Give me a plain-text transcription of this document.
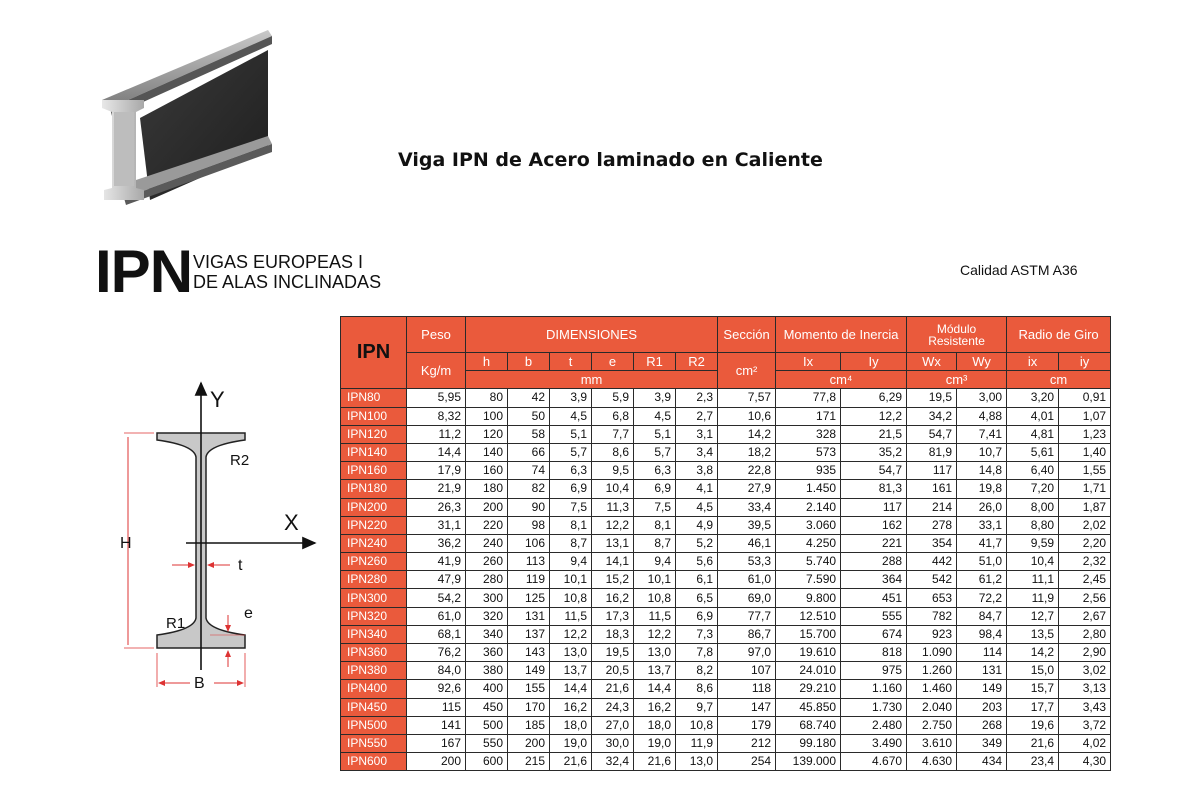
Viga IPN de Acero laminado en Caliente
IPN VIGAS EUROPEAS I
DE ALAS INCLINADAS
Calidad ASTM A36
Y
X
R2
R1
H
t
e
B
IPN	Peso	DIMENSIONES						Sección	Momento de Inercia		Módulo Resistente		Radio de Giro	
	Kg/m	h	b	t	e	R1	R2	cm²	Ix	Iy	Wx	Wy	ix	iy
		mm							cm⁴		cm³		cm	
IPN80	5,95	80	42	3,9	5,9	3,9	2,3	7,57	77,8	6,29	19,5	3,00	3,20	0,91
IPN100	8,32	100	50	4,5	6,8	4,5	2,7	10,6	171	12,2	34,2	4,88	4,01	1,07
IPN120	11,2	120	58	5,1	7,7	5,1	3,1	14,2	328	21,5	54,7	7,41	4,81	1,23
IPN140	14,4	140	66	5,7	8,6	5,7	3,4	18,2	573	35,2	81,9	10,7	5,61	1,40
IPN160	17,9	160	74	6,3	9,5	6,3	3,8	22,8	935	54,7	117	14,8	6,40	1,55
IPN180	21,9	180	82	6,9	10,4	6,9	4,1	27,9	1.450	81,3	161	19,8	7,20	1,71
IPN200	26,3	200	90	7,5	11,3	7,5	4,5	33,4	2.140	117	214	26,0	8,00	1,87
IPN220	31,1	220	98	8,1	12,2	8,1	4,9	39,5	3.060	162	278	33,1	8,80	2,02
IPN240	36,2	240	106	8,7	13,1	8,7	5,2	46,1	4.250	221	354	41,7	9,59	2,20
IPN260	41,9	260	113	9,4	14,1	9,4	5,6	53,3	5.740	288	442	51,0	10,4	2,32
IPN280	47,9	280	119	10,1	15,2	10,1	6,1	61,0	7.590	364	542	61,2	11,1	2,45
IPN300	54,2	300	125	10,8	16,2	10,8	6,5	69,0	9.800	451	653	72,2	11,9	2,56
IPN320	61,0	320	131	11,5	17,3	11,5	6,9	77,7	12.510	555	782	84,7	12,7	2,67
IPN340	68,1	340	137	12,2	18,3	12,2	7,3	86,7	15.700	674	923	98,4	13,5	2,80
IPN360	76,2	360	143	13,0	19,5	13,0	7,8	97,0	19.610	818	1.090	114	14,2	2,90
IPN380	84,0	380	149	13,7	20,5	13,7	8,2	107	24.010	975	1.260	131	15,0	3,02
IPN400	92,6	400	155	14,4	21,6	14,4	8,6	118	29.210	1.160	1.460	149	15,7	3,13
IPN450	115	450	170	16,2	24,3	16,2	9,7	147	45.850	1.730	2.040	203	17,7	3,43
IPN500	141	500	185	18,0	27,0	18,0	10,8	179	68.740	2.480	2.750	268	19,6	3,72
IPN550	167	550	200	19,0	30,0	19,0	11,9	212	99.180	3.490	3.610	349	21,6	4,02
IPN600	200	600	215	21,6	32,4	21,6	13,0	254	139.000	4.670	4.630	434	23,4	4,30
